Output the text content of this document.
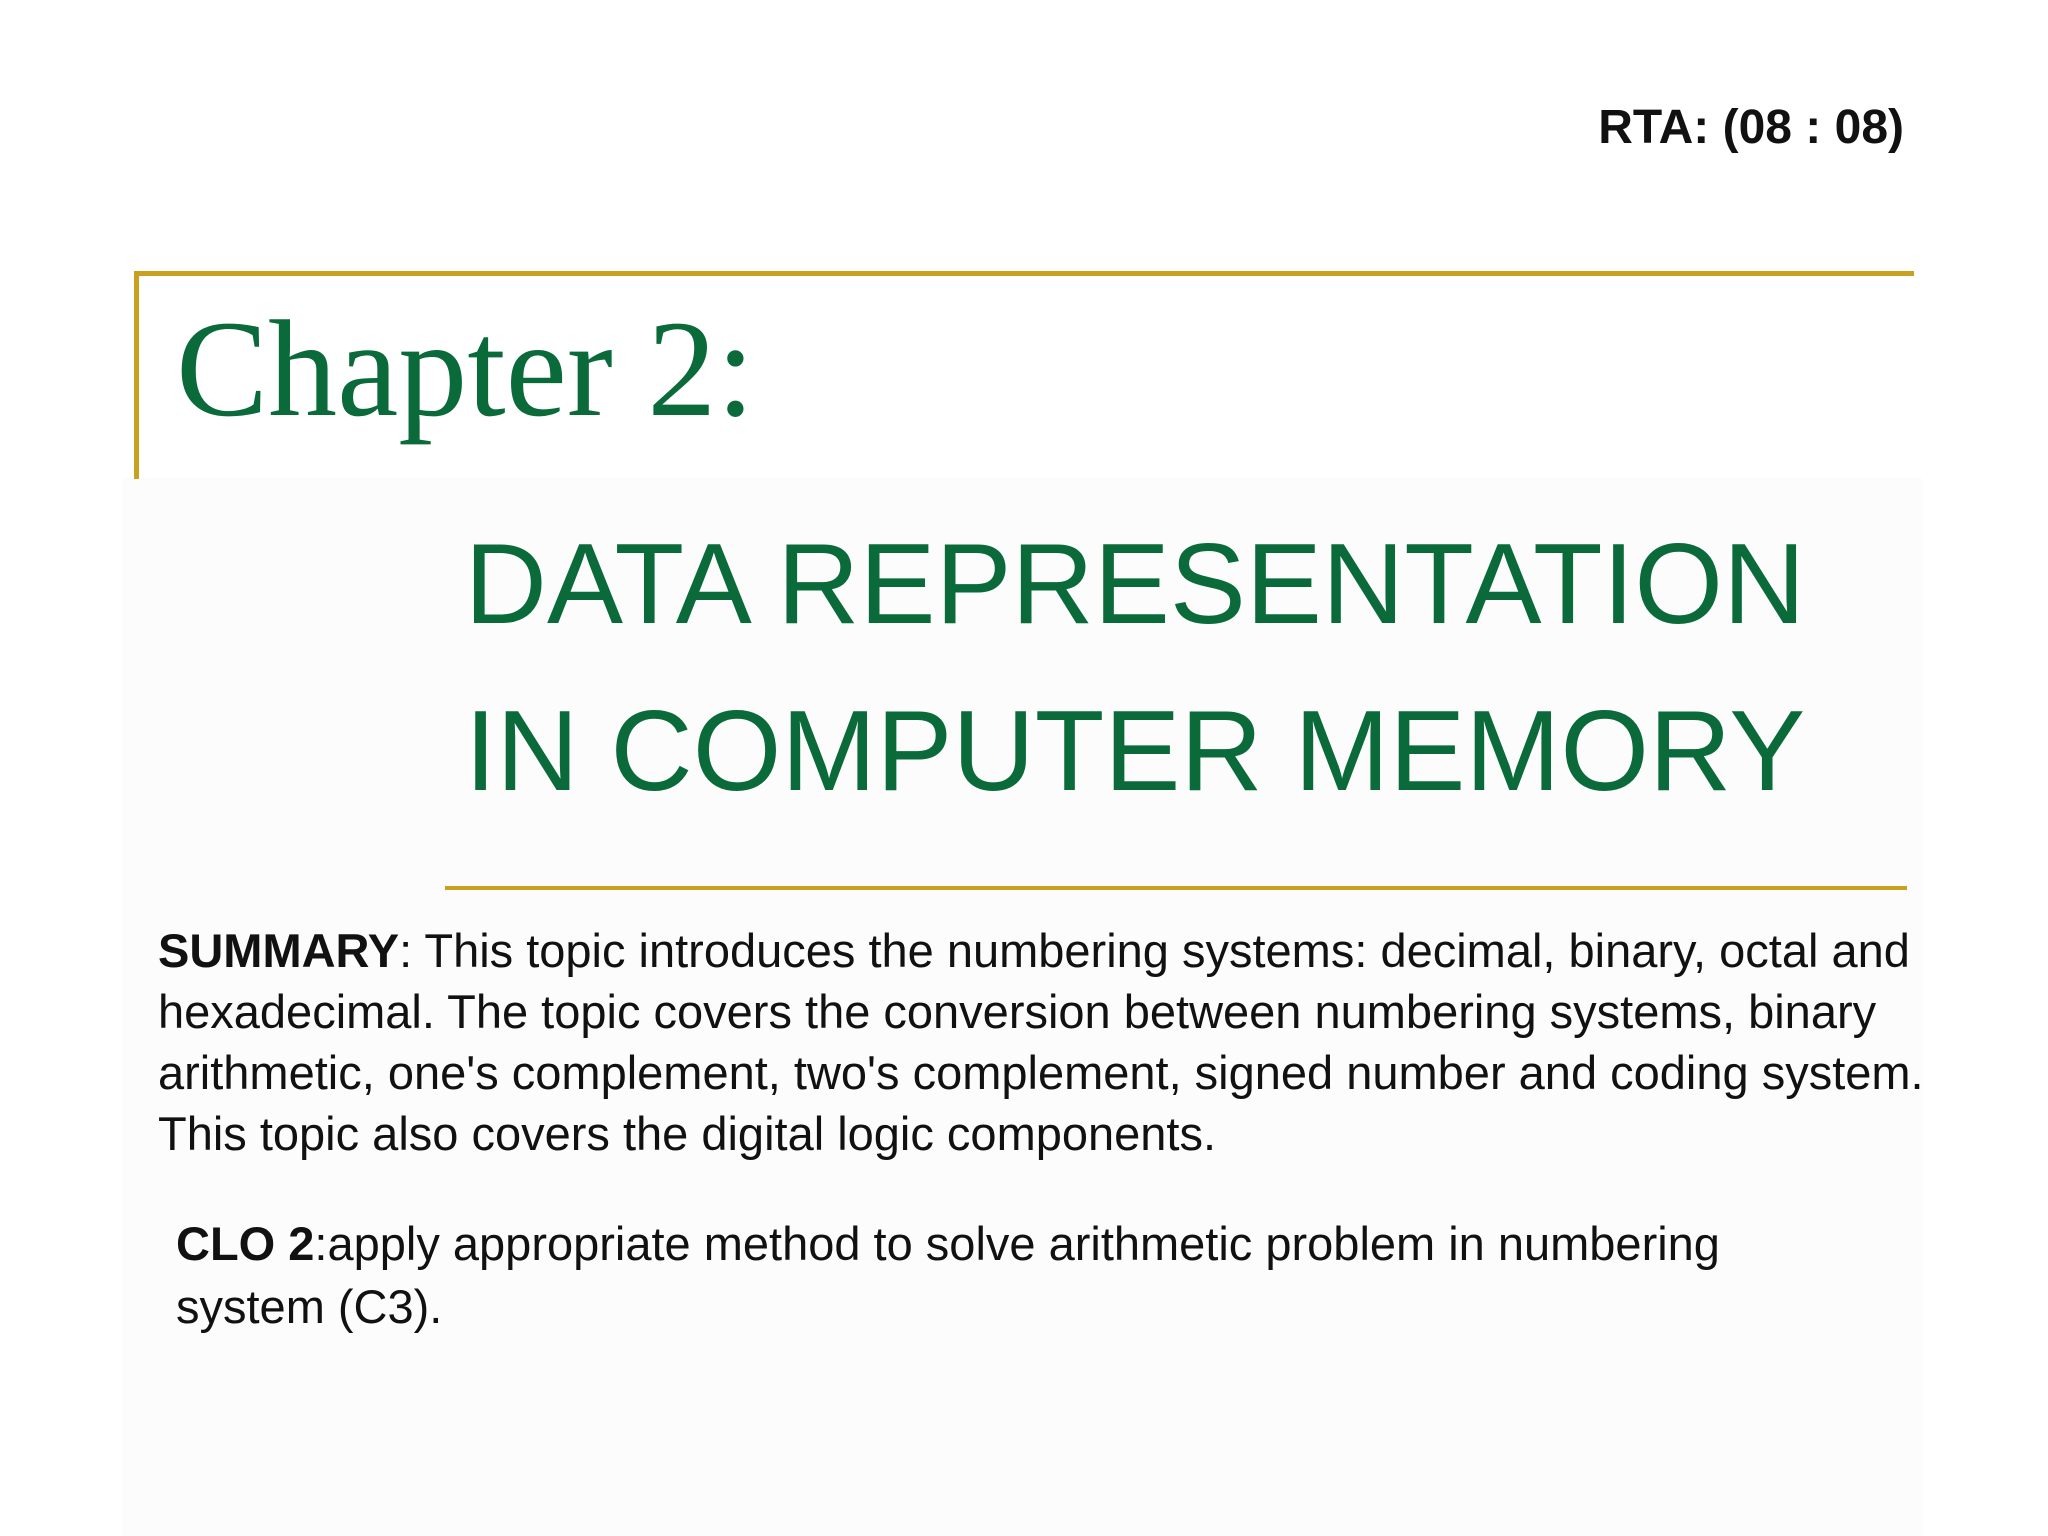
RTA: (08 : 08)
Chapter 2:
DATA REPRESENTATION
IN COMPUTER MEMORY
SUMMARY: This topic introduces the numbering systems: decimal, binary, octal and hexadecimal. The topic covers the conversion between numbering systems, binary arithmetic, one's complement, two's complement, signed number and coding system. This topic also covers the digital logic components.
CLO 2:apply appropriate method to solve arithmetic problem in numbering system (C3).
